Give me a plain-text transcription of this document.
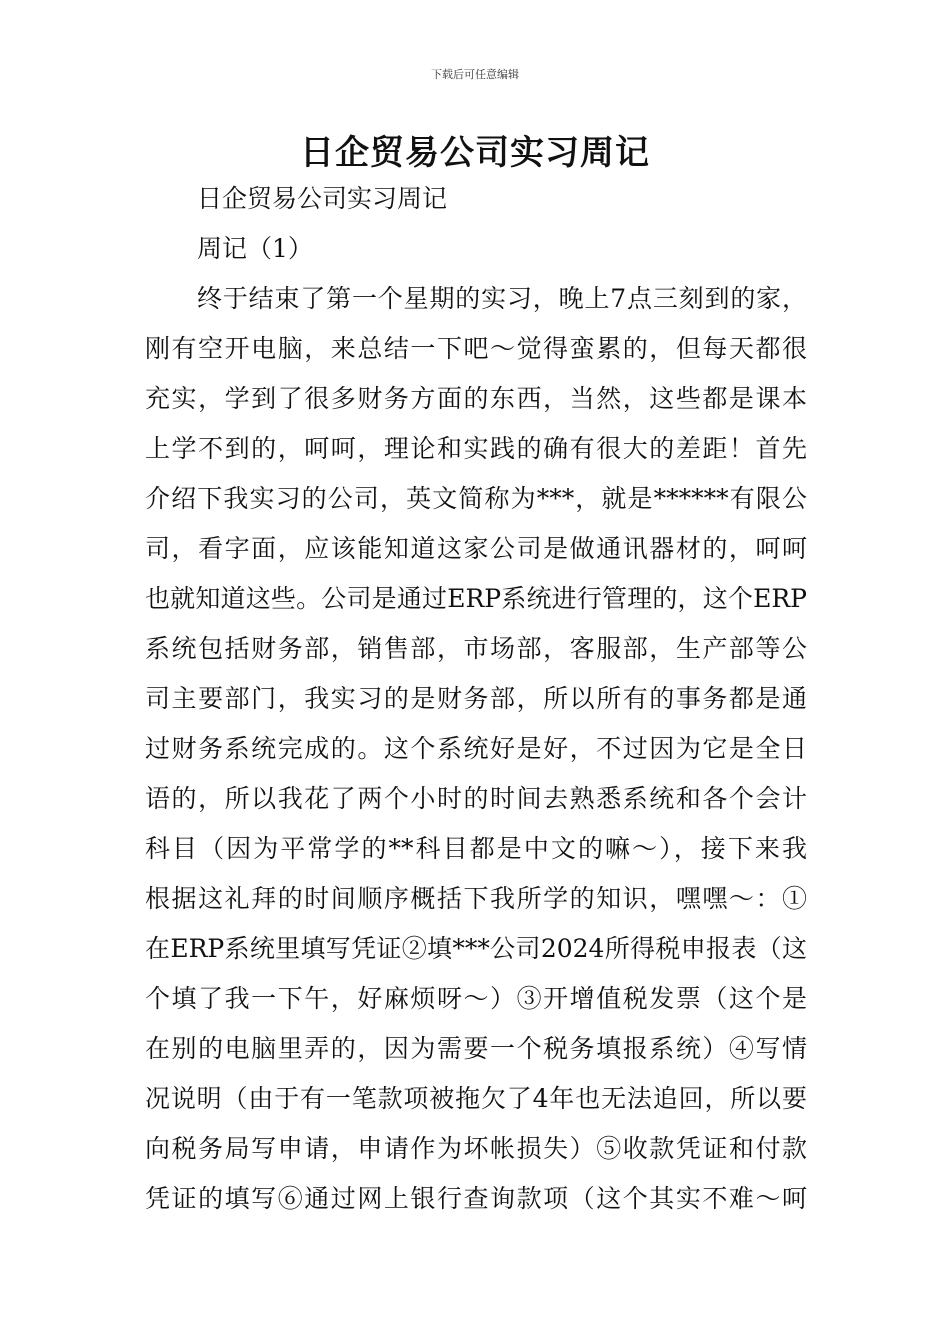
下载后可任意编辑
日企贸易公司实习周记
日企贸易公司实习周记
周记（1）
终于结束了第一个星期的实习，晚上7点三刻到的家，
刚有空开电脑，来总结一下吧～觉得蛮累的，但每天都很
充实，学到了很多财务方面的东西，当然，这些都是课本
上学不到的，呵呵，理论和实践的确有很大的差距！首先
介绍下我实习的公司，英文简称为***，就是******有限公
司，看字面，应该能知道这家公司是做通讯器材的，呵呵
也就知道这些。公司是通过ERP系统进行管理的，这个ERP
系统包括财务部，销售部，市场部，客服部，生产部等公
司主要部门，我实习的是财务部，所以所有的事务都是通
过财务系统完成的。这个系统好是好，不过因为它是全日
语的，所以我花了两个小时的时间去熟悉系统和各个会计
科目（因为平常学的**科目都是中文的嘛～），接下来我
根据这礼拜的时间顺序概括下我所学的知识，嘿嘿～：①
在ERP系统里填写凭证②填***公司2024所得税申报表（这
个填了我一下午，好麻烦呀～）③开增值税发票（这个是
在别的电脑里弄的，因为需要一个税务填报系统）④写情
况说明（由于有一笔款项被拖欠了4年也无法追回，所以要
向税务局写申请，申请作为坏帐损失）⑤收款凭证和付款
凭证的填写⑥通过网上银行查询款项（这个其实不难～呵
